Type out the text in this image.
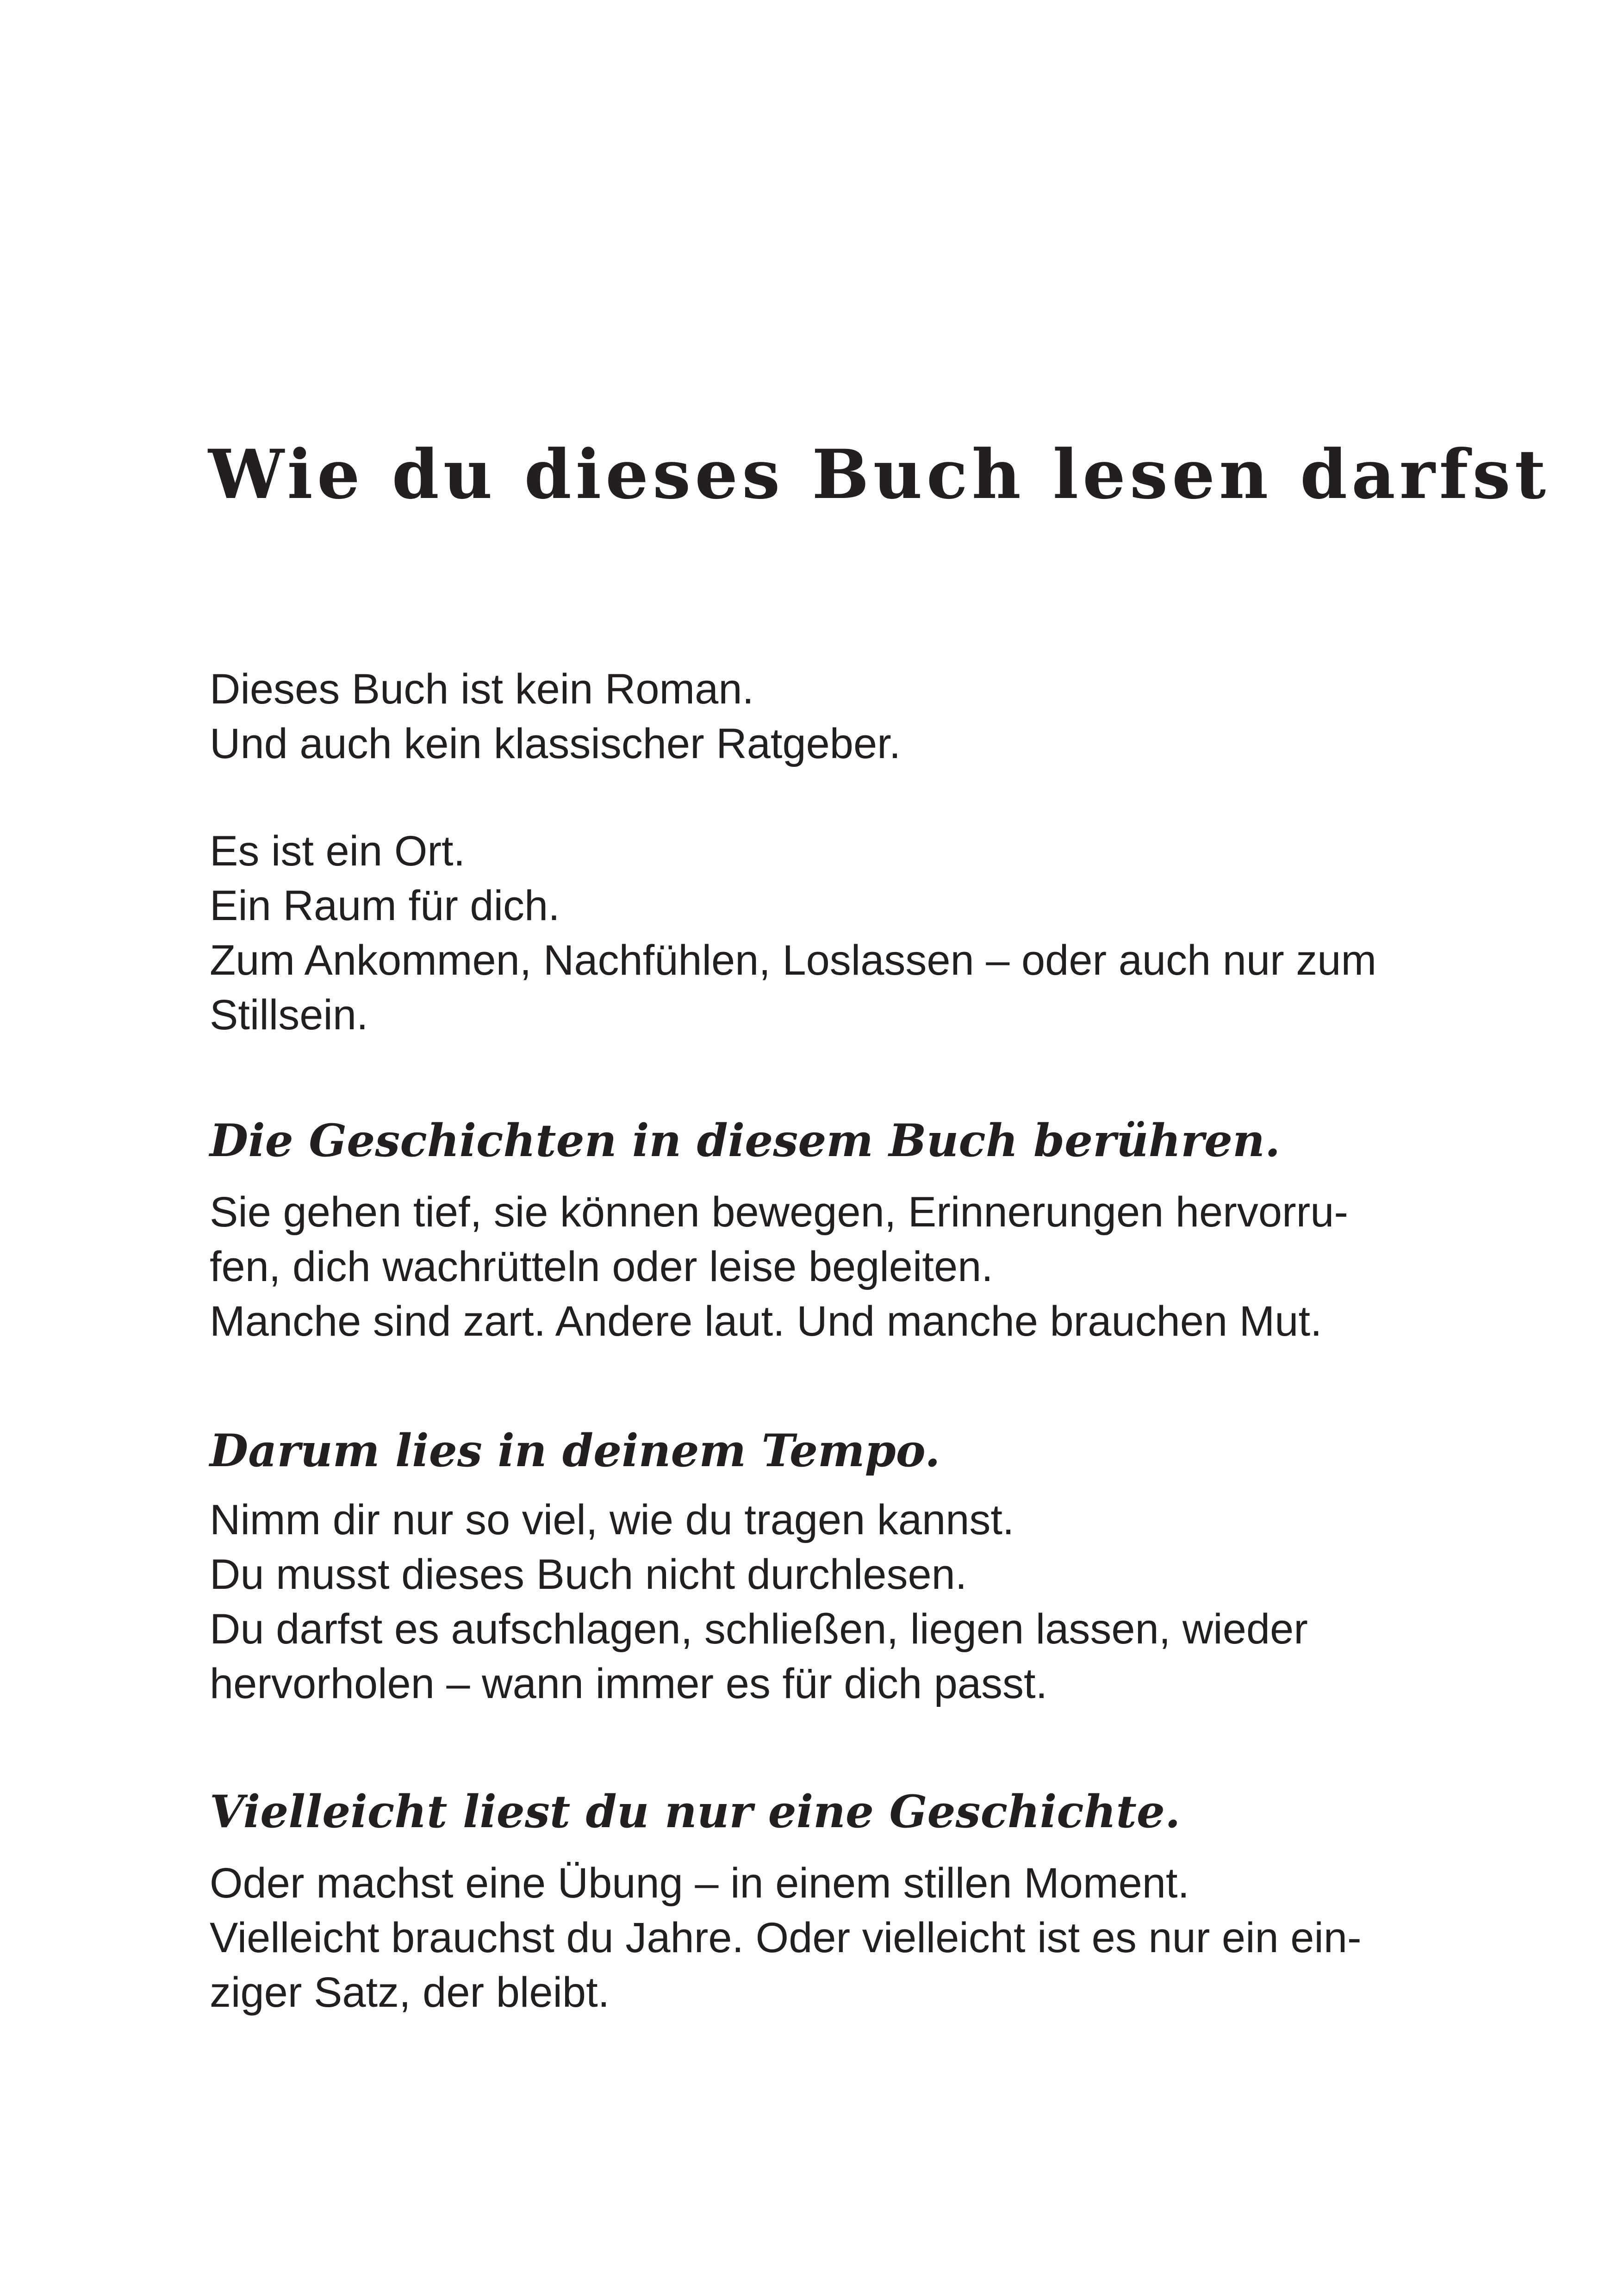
Wie du dieses Buch lesen darfst
Dieses Buch ist kein Roman.
Und auch kein klassischer Ratgeber.
Es ist ein Ort.
Ein Raum für dich.
Zum Ankommen, Nachfühlen, Loslassen – oder auch nur zum
Stillsein.
Die Geschichten in diesem Buch berühren.
Sie gehen tief, sie können bewegen, Erinnerungen hervorru-
fen, dich wachrütteln oder leise begleiten.
Manche sind zart. Andere laut. Und manche brauchen Mut.
Darum lies in deinem Tempo.
Nimm dir nur so viel, wie du tragen kannst.
Du musst dieses Buch nicht durchlesen.
Du darfst es aufschlagen, schließen, liegen lassen, wieder
hervorholen – wann immer es für dich passt.
Vielleicht liest du nur eine Geschichte.
Oder machst eine Übung – in einem stillen Moment.
Vielleicht brauchst du Jahre. Oder vielleicht ist es nur ein ein-
ziger Satz, der bleibt.
